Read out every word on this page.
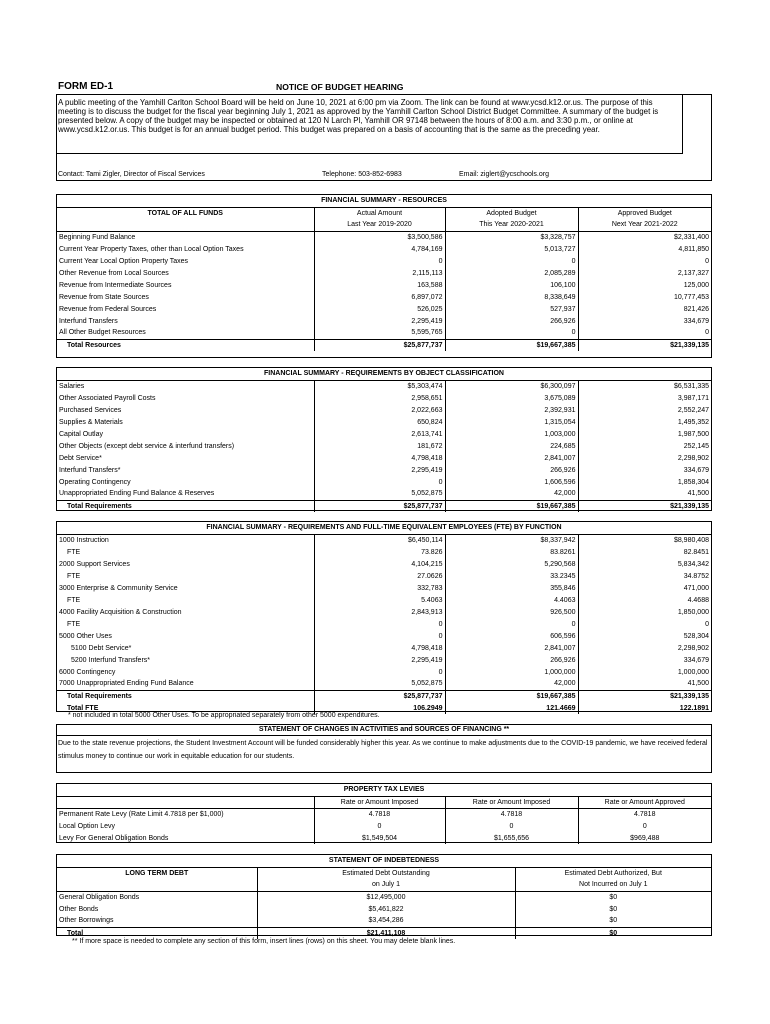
FORM ED-1	NOTICE OF BUDGET HEARING
A public meeting of the Yamhill Carlton School Board will be held on June 10, 2021 at 6:00 pm via Zoom. The link can be found at www.ycsd.k12.or.us. The purpose of this meeting is to discuss the budget for the fiscal year beginning July 1, 2021 as approved by the Yamhill Carlton School District Budget Committee. A summary of the budget is presented below. A copy of the budget may be inspected or obtained at 120 N Larch Pl, Yamhill OR 97148 between the hours of 8:00 a.m. and 3:30 p.m., or online at www.ycsd.k12.or.us. This budget is for an annual budget period. This budget was prepared on a basis of accounting that is the same as the preceding year.
Contact: Tami Zigler, Director of Fiscal Services	Telephone: 503-852-6983	Email: ziglert@ycschools.org
FINANCIAL SUMMARY - RESOURCES			
TOTAL OF ALL FUNDS	Actual Amount	Adopted Budget	Approved Budget
	Last Year 2019-2020	This Year 2020-2021	Next Year 2021-2022
Beginning Fund Balance	$3,500,586	$3,328,757	$2,331,400
Current Year Property Taxes, other than Local Option Taxes	4,784,169	5,013,727	4,811,850
Current Year Local Option Property Taxes	0	0	0
Other Revenue from Local Sources	2,115,113	2,085,289	2,137,327
Revenue from Intermediate Sources	163,588	106,100	125,000
Revenue from State Sources	6,897,072	8,338,649	10,777,453
Revenue from Federal Sources	526,025	527,937	821,426
Interfund Transfers	2,295,419	266,926	334,679
All Other Budget Resources	5,595,765	0	0
Total Resources	$25,877,737	$19,667,385	$21,339,135
FINANCIAL SUMMARY - REQUIREMENTS BY OBJECT CLASSIFICATION			
Salaries	$5,303,474	$6,300,097	$6,531,335
Other Associated Payroll Costs	2,958,651	3,675,089	3,987,171
Purchased Services	2,022,663	2,392,931	2,552,247
Supplies & Materials	650,824	1,315,054	1,495,352
Capital Outlay	2,613,741	1,003,000	1,987,500
Other Objects (except debt service & interfund transfers)	181,672	224,685	252,145
Debt Service*	4,798,418	2,841,007	2,298,902
Interfund Transfers*	2,295,419	266,926	334,679
Operating Contingency	0	1,606,596	1,858,304
Unappropriated Ending Fund Balance & Reserves	5,052,875	42,000	41,500
Total Requirements	$25,877,737	$19,667,385	$21,339,135
FINANCIAL SUMMARY - REQUIREMENTS AND FULL-TIME EQUIVALENT EMPLOYEES (FTE) BY FUNCTION			
1000 Instruction	$6,450,114	$8,337,942	$8,980,408
FTE	73.826	83.8261	82.8451
2000 Support Services	4,104,215	5,290,568	5,834,342
FTE	27.0626	33.2345	34.8752
3000 Enterprise & Community Service	332,783	355,846	471,000
FTE	5.4063	4.4063	4.4688
4000 Facility Acquisition & Construction	2,843,913	926,500	1,850,000
FTE	0	0	0
5000 Other Uses	0	606,596	528,304
5100 Debt Service*	4,798,418	2,841,007	2,298,902
5200 Interfund Transfers*	2,295,419	266,926	334,679
6000 Contingency	0	1,000,000	1,000,000
7000 Unappropriated Ending Fund Balance	5,052,875	42,000	41,500
Total Requirements	$25,877,737	$19,667,385	$21,339,135
Total FTE	106.2949	121.4669	122.1891
* not included in total 5000 Other Uses. To be appropriated separately from other 5000 expenditures.
STATEMENT OF CHANGES IN ACTIVITIES and SOURCES OF FINANCING **
Due to the state revenue projections, the Student Investment Account will be funded considerably higher this year. As we continue to make adjustments due to the COVID-19 pandemic, we have received federal stimulus money to continue our work in equitable education for our students.
PROPERTY TAX LEVIES			
	Rate or Amount Imposed	Rate or Amount Imposed	Rate or Amount Approved
Permanent Rate Levy (Rate Limit 4.7818 per $1,000)	4.7818	4.7818	4.7818
Local Option Levy	0	0	0
Levy For General Obligation Bonds	$1,549,504	$1,655,656	$969,488
STATEMENT OF INDEBTEDNESS		
LONG TERM DEBT	Estimated Debt Outstanding	Estimated Debt Authorized, But
	on July 1	Not Incurred on July 1
General Obligation Bonds	$12,495,000	$0
Other Bonds	$5,461,822	$0
Other Borrowings	$3,454,286	$0
Total	$21,411,108	$0
** If more space is needed to complete any section of this form, insert lines (rows) on this sheet. You may delete blank lines.
